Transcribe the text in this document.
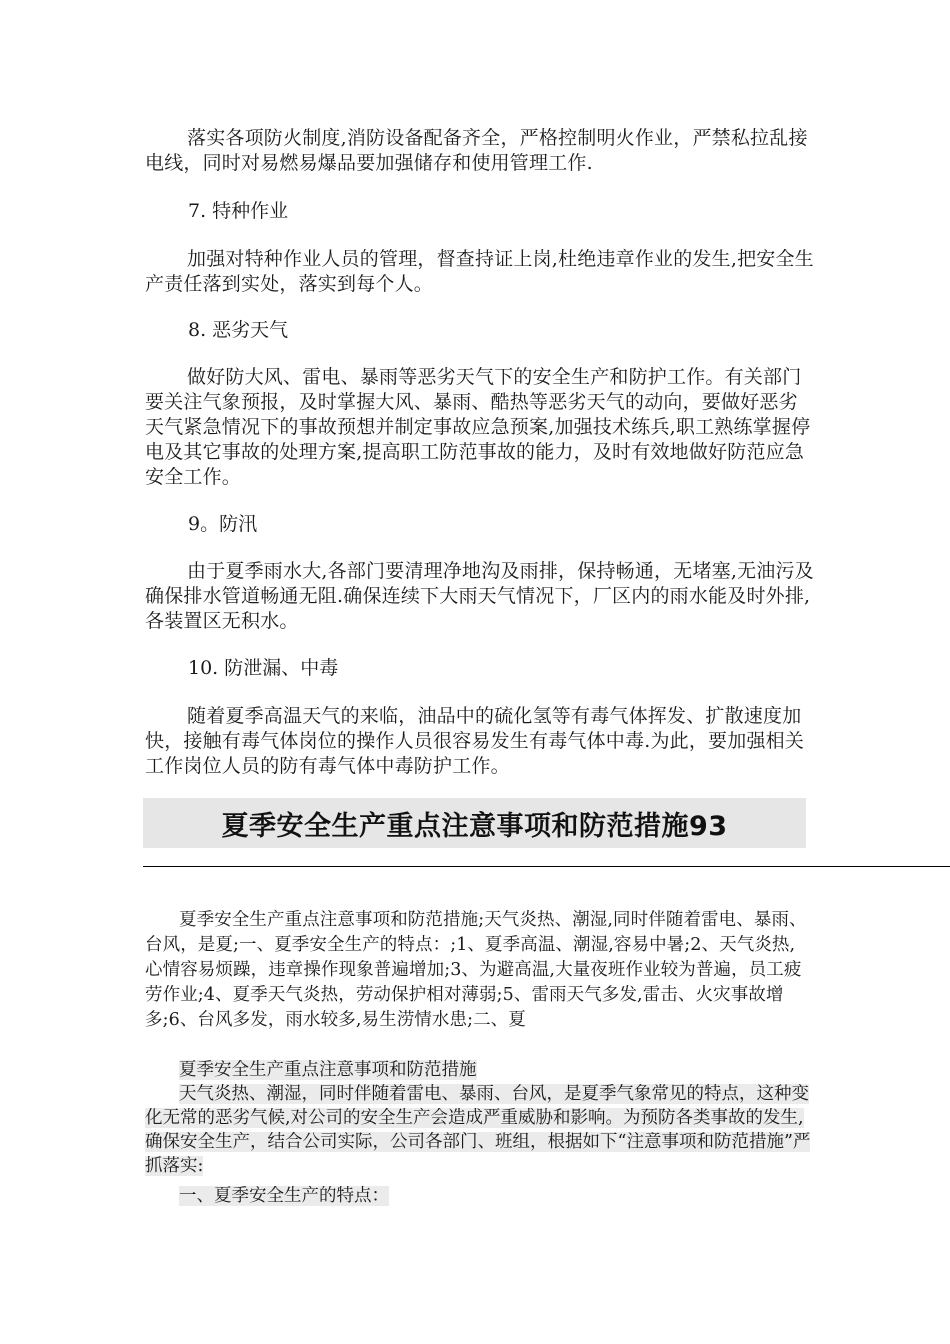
落实各项防火制度,消防设备配备齐全，严格控制明火作业，严禁私拉乱接电线，同时对易燃易爆品要加强储存和使用管理工作.

7. 特种作业

加强对特种作业人员的管理，督查持证上岗,杜绝违章作业的发生,把安全生产责任落到实处，落实到每个人。

8. 恶劣天气

做好防大风、雷电、暴雨等恶劣天气下的安全生产和防护工作。有关部门要关注气象预报，及时掌握大风、暴雨、酷热等恶劣天气的动向，要做好恶劣天气紧急情况下的事故预想并制定事故应急预案,加强技术练兵,职工熟练掌握停电及其它事故的处理方案,提高职工防范事故的能力，及时有效地做好防范应急安全工作。

9。防汛

由于夏季雨水大,各部门要清理净地沟及雨排，保持畅通，无堵塞,无油污及确保排水管道畅通无阻.确保连续下大雨天气情况下，厂区内的雨水能及时外排,各装置区无积水。

10. 防泄漏、中毒

随着夏季高温天气的来临，油品中的硫化氢等有毒气体挥发、扩散速度加快，接触有毒气体岗位的操作人员很容易发生有毒气体中毒.为此，要加强相关工作岗位人员的防有毒气体中毒防护工作。

夏季安全生产重点注意事项和防范措施93

夏季安全生产重点注意事项和防范措施;天气炎热、潮湿,同时伴随着雷电、暴雨、台风，是夏;一、夏季安全生产的特点：;1、夏季高温、潮湿,容易中暑;2、天气炎热,心情容易烦躁，违章操作现象普遍增加;3、为避高温,大量夜班作业较为普遍，员工疲劳作业;4、夏季天气炎热，劳动保护相对薄弱;5、雷雨天气多发,雷击、火灾事故增多;6、台风多发，雨水较多,易生涝情水患;二、夏

夏季安全生产重点注意事项和防范措施

天气炎热、潮湿，同时伴随着雷电、暴雨、台风，是夏季气象常见的特点，这种变化无常的恶劣气候,对公司的安全生产会造成严重威胁和影响。为预防各类事故的发生,确保安全生产，结合公司实际，公司各部门、班组，根据如下“注意事项和防范措施”严抓落实:

一、夏季安全生产的特点：
